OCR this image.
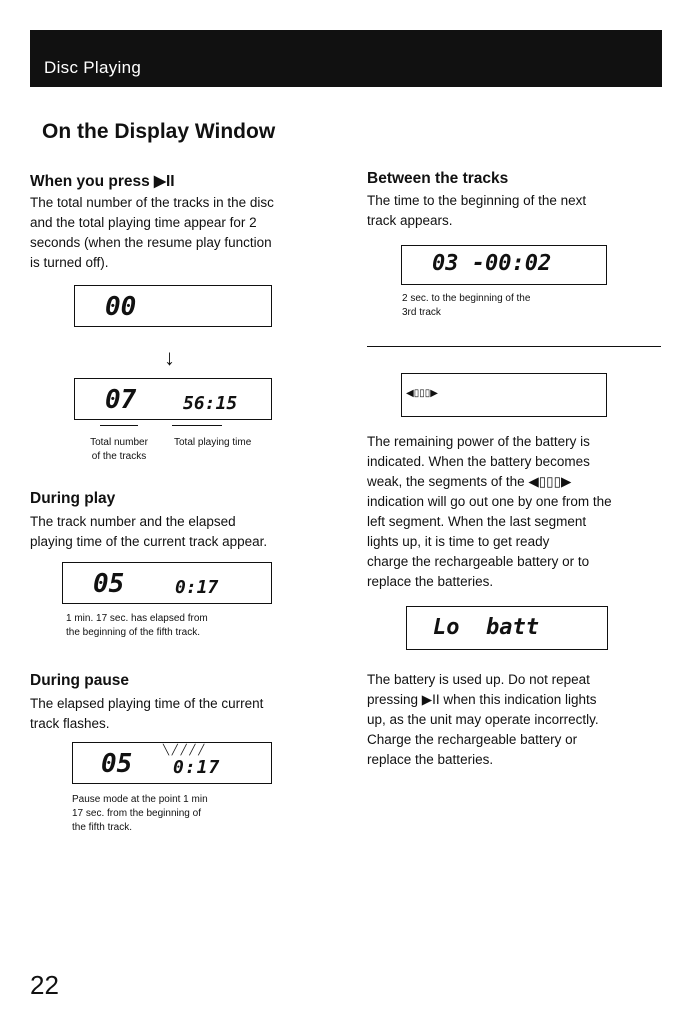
Disc Playing
On the Display Window
When you press ▶II
The total number of the tracks in the disc
and the total playing time appear for 2
seconds (when the resume play function
is turned off).
00
↓
07	56:15
Total number
of the tracks
Total playing time
During play
The track number and the elapsed
playing time of the current track appear.
05	0:17
1 min. 17 sec. has elapsed from
the beginning of the fifth track.
During pause
The elapsed playing time of the current
track flashes.
05 0:17
╲ ╱ ╱ ╱ ╱
Pause mode at the point 1 min
17 sec. from the beginning of
the fifth track.
Between the tracks
The time to the beginning of the next
track appears.
03 -00:02
2 sec. to the beginning of the
3rd track
◀▯▯▯▶
The remaining power of the battery is
indicated. When the battery becomes
weak, the segments of the ◀▯▯▯▶
indication will go out one by one from the
left segment. When the last segment
lights up, it is time to get ready
charge the rechargeable battery or to
replace the batteries.
Lo  batt
The battery is used up. Do not repeat
pressing ▶II when this indication lights
up, as the unit may operate incorrectly.
Charge the rechargeable battery or
replace the batteries.
22
